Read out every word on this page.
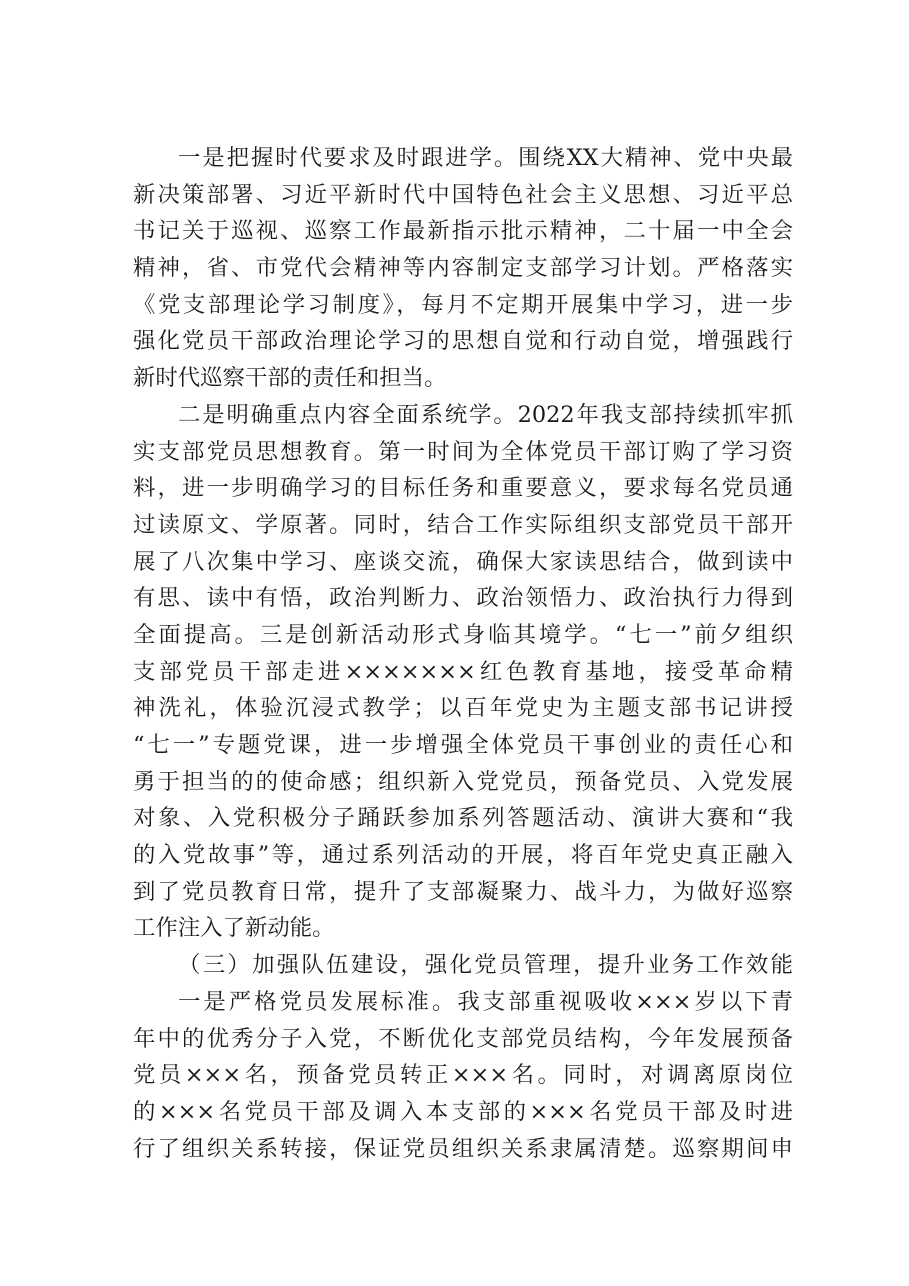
一是把握时代要求及时跟进学。围绕XX大精神、党中央最
新决策部署、习近平新时代中国特色社会主义思想、习近平总
书记关于巡视、巡察工作最新指示批示精神，二十届一中全会
精神，省、市党代会精神等内容制定支部学习计划。严格落实
《党支部理论学习制度》，每月不定期开展集中学习，进一步
强化党员干部政治理论学习的思想自觉和行动自觉，增强践行
新时代巡察干部的责任和担当。
二是明确重点内容全面系统学。2022年我支部持续抓牢抓
实支部党员思想教育。第一时间为全体党员干部订购了学习资
料，进一步明确学习的目标任务和重要意义，要求每名党员通
过读原文、学原著。同时，结合工作实际组织支部党员干部开
展了八次集中学习、座谈交流，确保大家读思结合，做到读中
有思、读中有悟，政治判断力、政治领悟力、政治执行力得到
全面提高。三是创新活动形式身临其境学。“七一”前夕组织
支部党员干部走进×××××××红色教育基地，接受革命精
神洗礼，体验沉浸式教学；以百年党史为主题支部书记讲授
“七一”专题党课，进一步增强全体党员干事创业的责任心和
勇于担当的的使命感；组织新入党党员，预备党员、入党发展
对象、入党积极分子踊跃参加系列答题活动、演讲大赛和“我
的入党故事”等，通过系列活动的开展，将百年党史真正融入
到了党员教育日常，提升了支部凝聚力、战斗力，为做好巡察
工作注入了新动能。
（三）加强队伍建设，强化党员管理，提升业务工作效能
一是严格党员发展标准。我支部重视吸收×××岁以下青
年中的优秀分子入党，不断优化支部党员结构，今年发展预备
党员×××名，预备党员转正×××名。同时，对调离原岗位
的×××名党员干部及调入本支部的×××名党员干部及时进
行了组织关系转接，保证党员组织关系隶属清楚。巡察期间申
